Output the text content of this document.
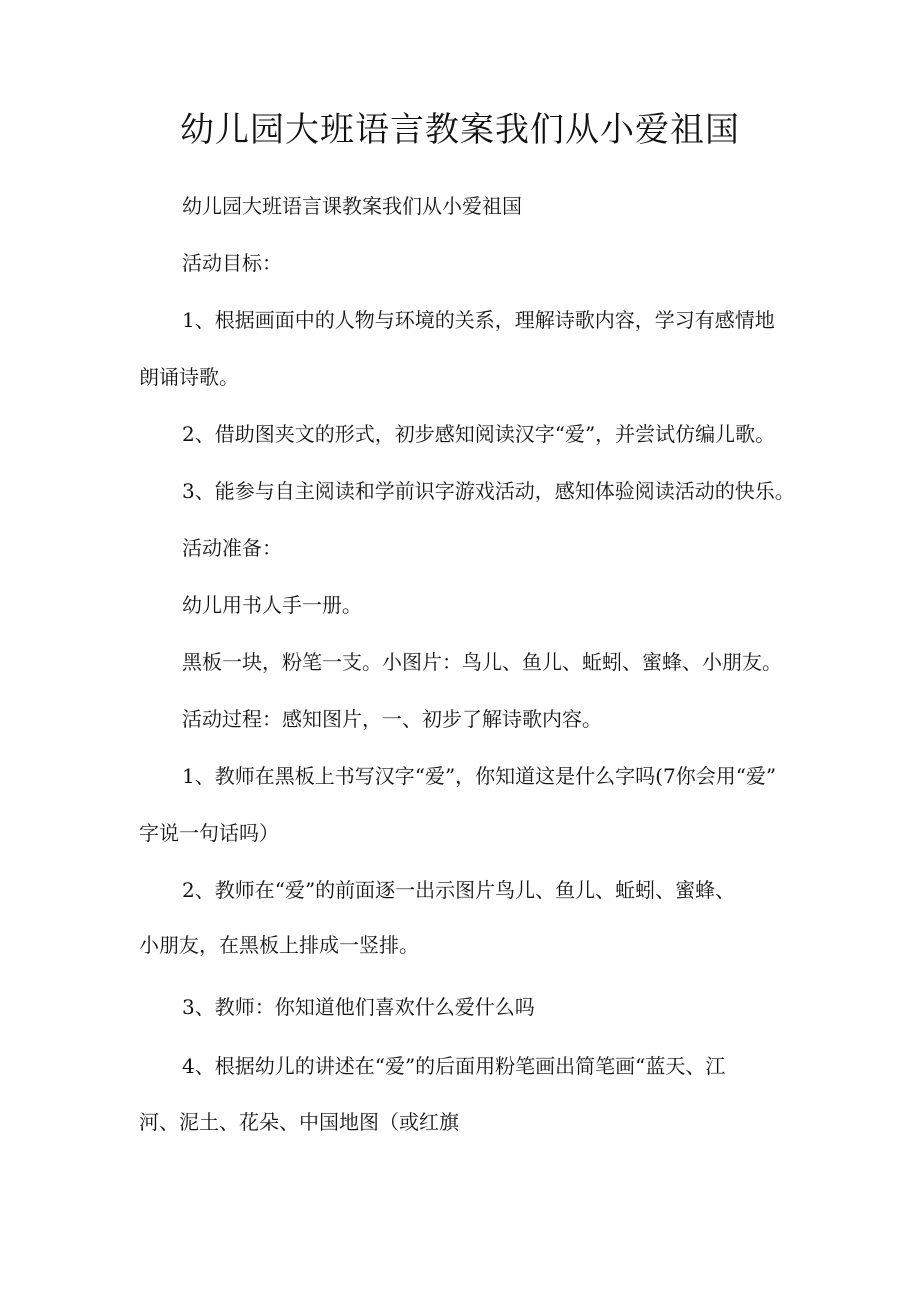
幼儿园大班语言教案我们从小爱祖国
幼儿园大班语言课教案我们从小爱祖国
活动目标：
1、根据画面中的人物与环境的关系，理解诗歌内容，学习有感情地
朗诵诗歌。
2、借助图夹文的形式，初步感知阅读汉字“爱”，并尝试仿编儿歌。
3、能参与自主阅读和学前识字游戏活动，感知体验阅读活动的快乐。
活动准备：
幼儿用书人手一册。
黑板一块，粉笔一支。小图片：鸟儿、鱼儿、蚯蚓、蜜蜂、小朋友。
活动过程：感知图片，一、初步了解诗歌内容。
1、教师在黑板上书写汉字“爱”，你知道这是什么字吗(7你会用“爱”
字说一句话吗）
2、教师在“爱”的前面逐一出示图片鸟儿、鱼儿、蚯蚓、蜜蜂、
小朋友，在黑板上排成一竖排。
3、教师：你知道他们喜欢什么爱什么吗
4、根据幼儿的讲述在“爱”的后面用粉笔画出简笔画“蓝天、江
河、泥土、花朵、中国地图（或红旗
